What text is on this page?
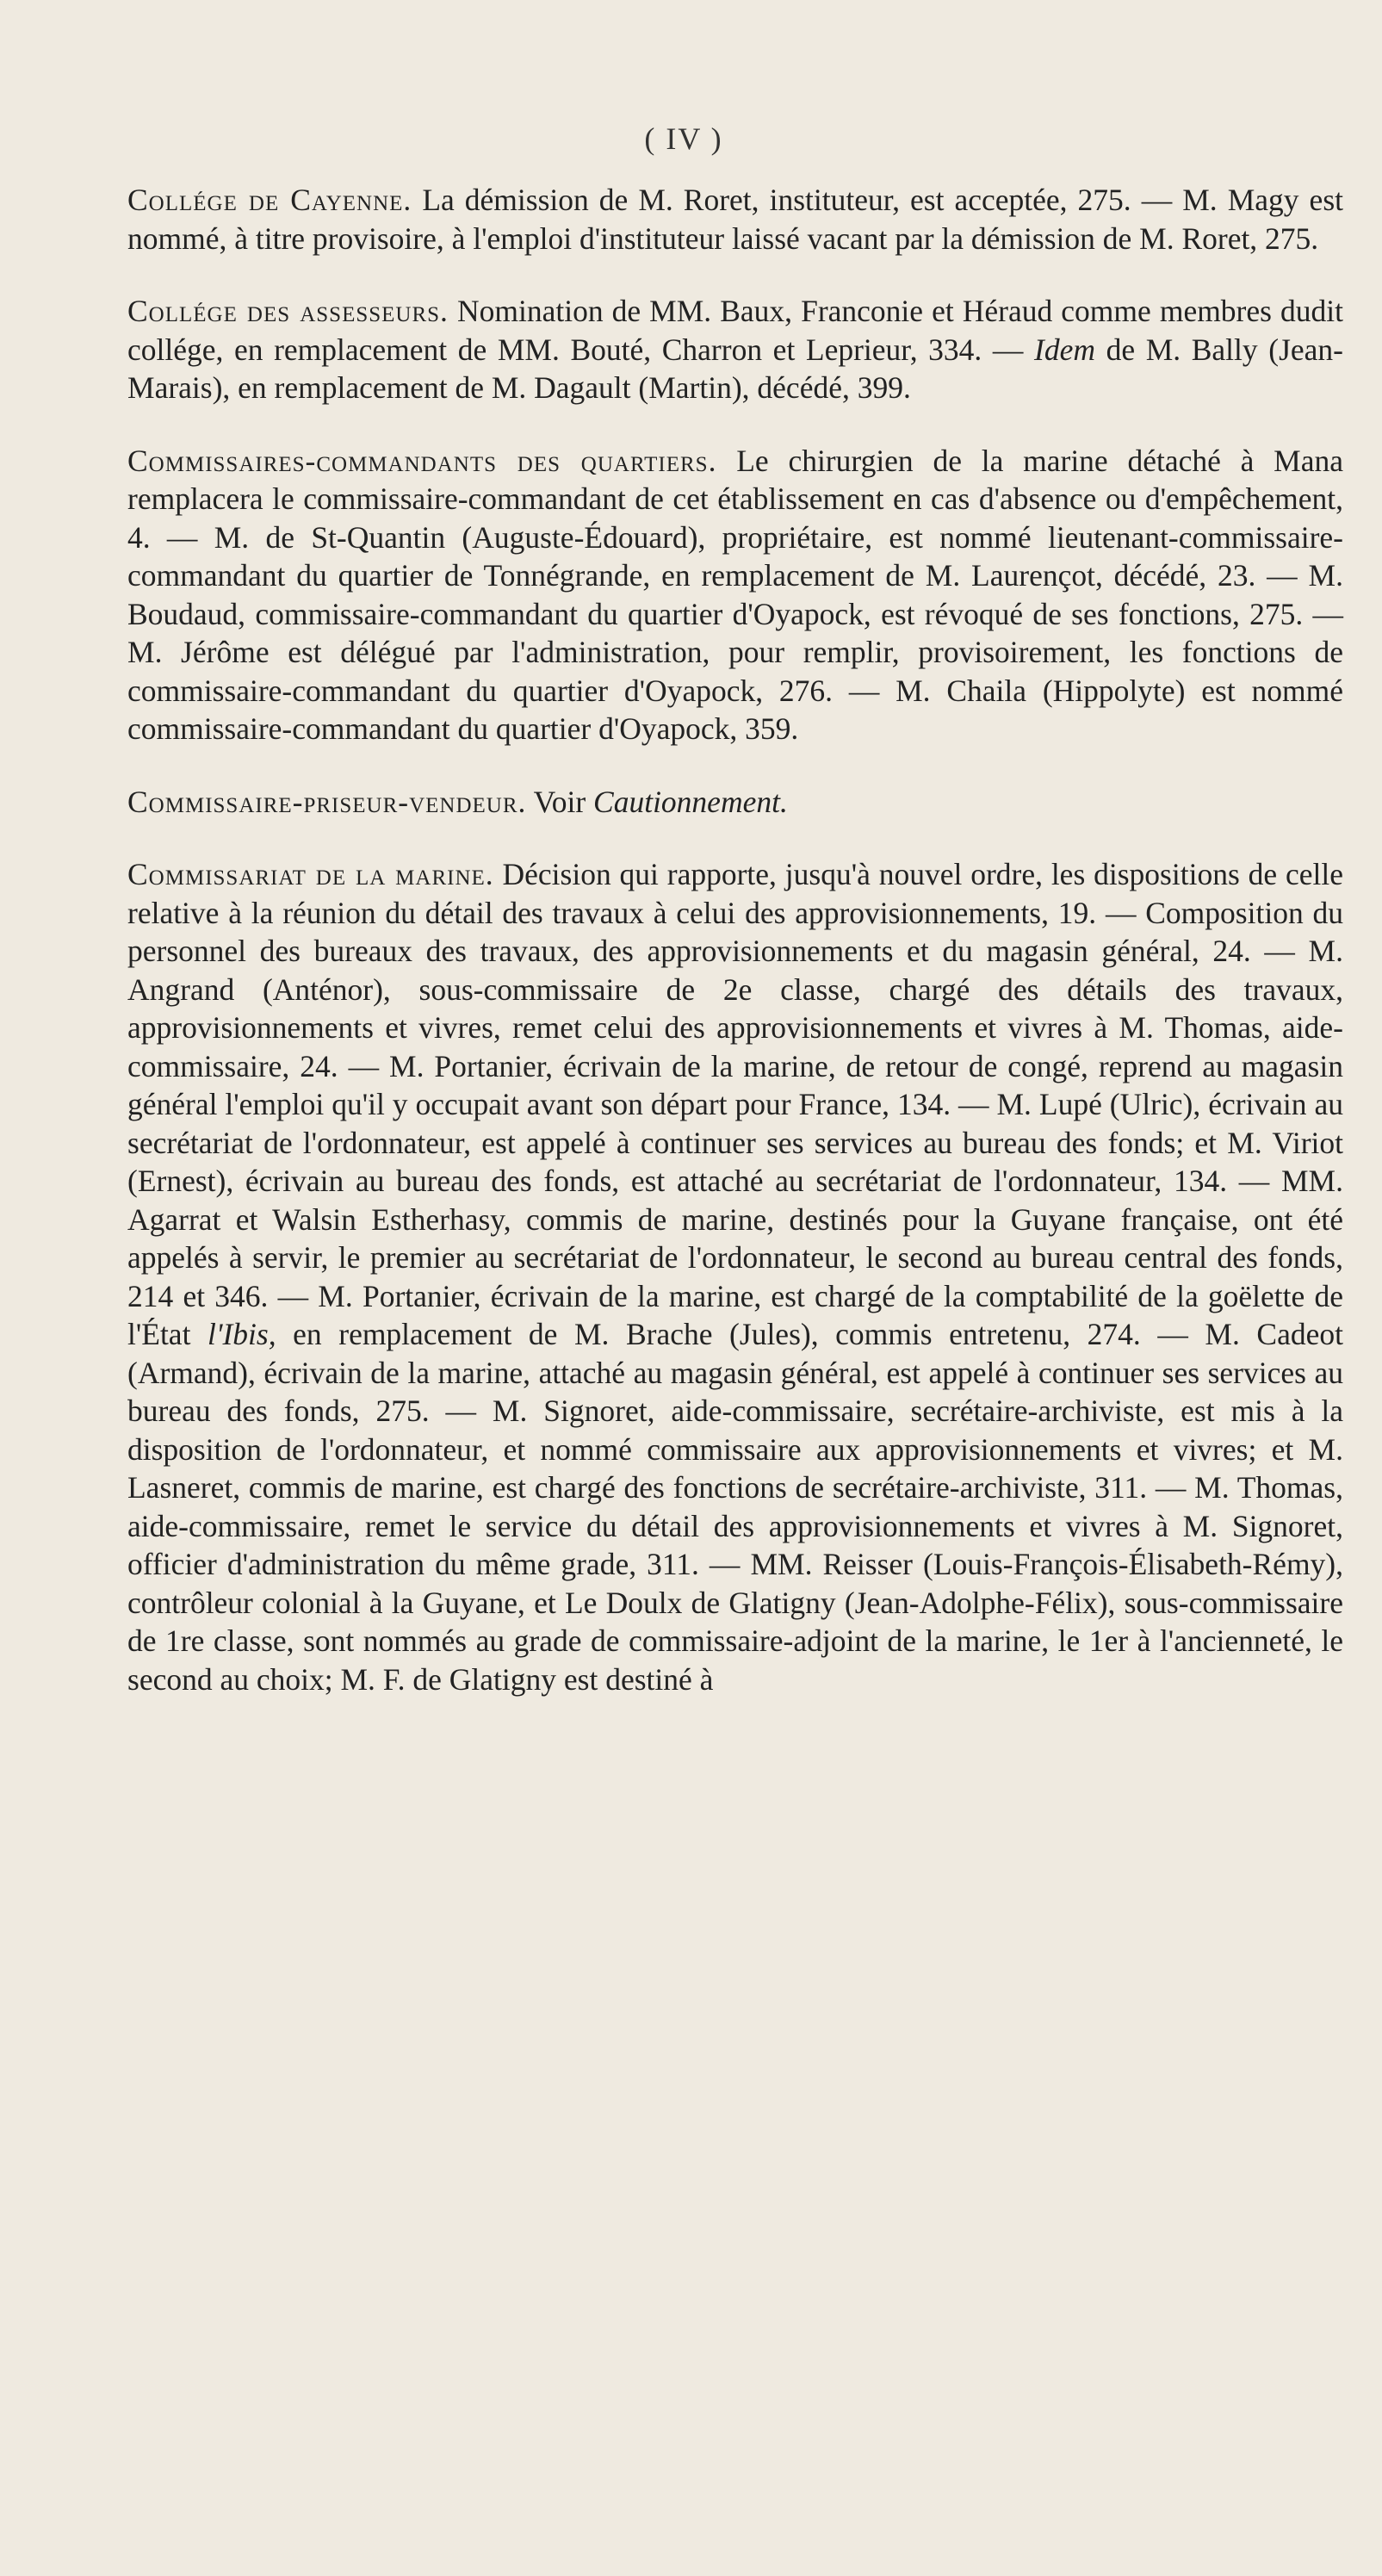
( IV )

Collége de Cayenne. La démission de M. Roret, instituteur, est acceptée, 275. — M. Magy est nommé, à titre provisoire, à l'emploi d'instituteur laissé vacant par la démission de M. Roret, 275.

Collége des assesseurs. Nomination de MM. Baux, Franconie et Héraud comme membres dudit collége, en remplacement de MM. Bouté, Charron et Leprieur, 334. — Idem de M. Bally (Jean-Marais), en remplacement de M. Dagault (Martin), décédé, 399.

Commissaires-commandants des quartiers. Le chirurgien de la marine détaché à Mana remplacera le commissaire-commandant de cet établissement en cas d'absence ou d'empêchement, 4. — M. de St-Quantin (Auguste-Édouard), propriétaire, est nommé lieutenant-commissaire-commandant du quartier de Tonnégrande, en remplacement de M. Laurençot, décédé, 23. — M. Boudaud, commissaire-commandant du quartier d'Oyapock, est révoqué de ses fonctions, 275. — M. Jérôme est délégué par l'administration, pour remplir, provisoirement, les fonctions de commissaire-commandant du quartier d'Oyapock, 276. — M. Chaila (Hippolyte) est nommé commissaire-commandant du quartier d'Oyapock, 359.

Commissaire-priseur-vendeur. Voir Cautionnement.

Commissariat de la marine. Décision qui rapporte, jusqu'à nouvel ordre, les dispositions de celle relative à la réunion du détail des travaux à celui des approvisionnements, 19. — Composition du personnel des bureaux des travaux, des approvisionnements et du magasin général, 24. — M. Angrand (Anténor), sous-commissaire de 2e classe, chargé des détails des travaux, approvisionnements et vivres, remet celui des approvisionnements et vivres à M. Thomas, aide-commissaire, 24. — M. Portanier, écrivain de la marine, de retour de congé, reprend au magasin général l'emploi qu'il y occupait avant son départ pour France, 134. — M. Lupé (Ulric), écrivain au secrétariat de l'ordonnateur, est appelé à continuer ses services au bureau des fonds; et M. Viriot (Ernest), écrivain au bureau des fonds, est attaché au secrétariat de l'ordonnateur, 134. — MM. Agarrat et Walsin Estherhasy, commis de marine, destinés pour la Guyane française, ont été appelés à servir, le premier au secrétariat de l'ordonnateur, le second au bureau central des fonds, 214 et 346. — M. Portanier, écrivain de la marine, est chargé de la comptabilité de la goëlette de l'État l'Ibis, en remplacement de M. Brache (Jules), commis entretenu, 274. — M. Cadeot (Armand), écrivain de la marine, attaché au magasin général, est appelé à continuer ses services au bureau des fonds, 275. — M. Signoret, aide-commissaire, secrétaire-archiviste, est mis à la disposition de l'ordonnateur, et nommé commissaire aux approvisionnements et vivres; et M. Lasneret, commis de marine, est chargé des fonctions de secrétaire-archiviste, 311. — M. Thomas, aide-commissaire, remet le service du détail des approvisionnements et vivres à M. Signoret, officier d'administration du même grade, 311. — MM. Reisser (Louis-François-Élisabeth-Rémy), contrôleur colonial à la Guyane, et Le Doulx de Glatigny (Jean-Adolphe-Félix), sous-commissaire de 1re classe, sont nommés au grade de commissaire-adjoint de la marine, le 1er à l'ancienneté, le second au choix; M. F. de Glatigny est destiné à
